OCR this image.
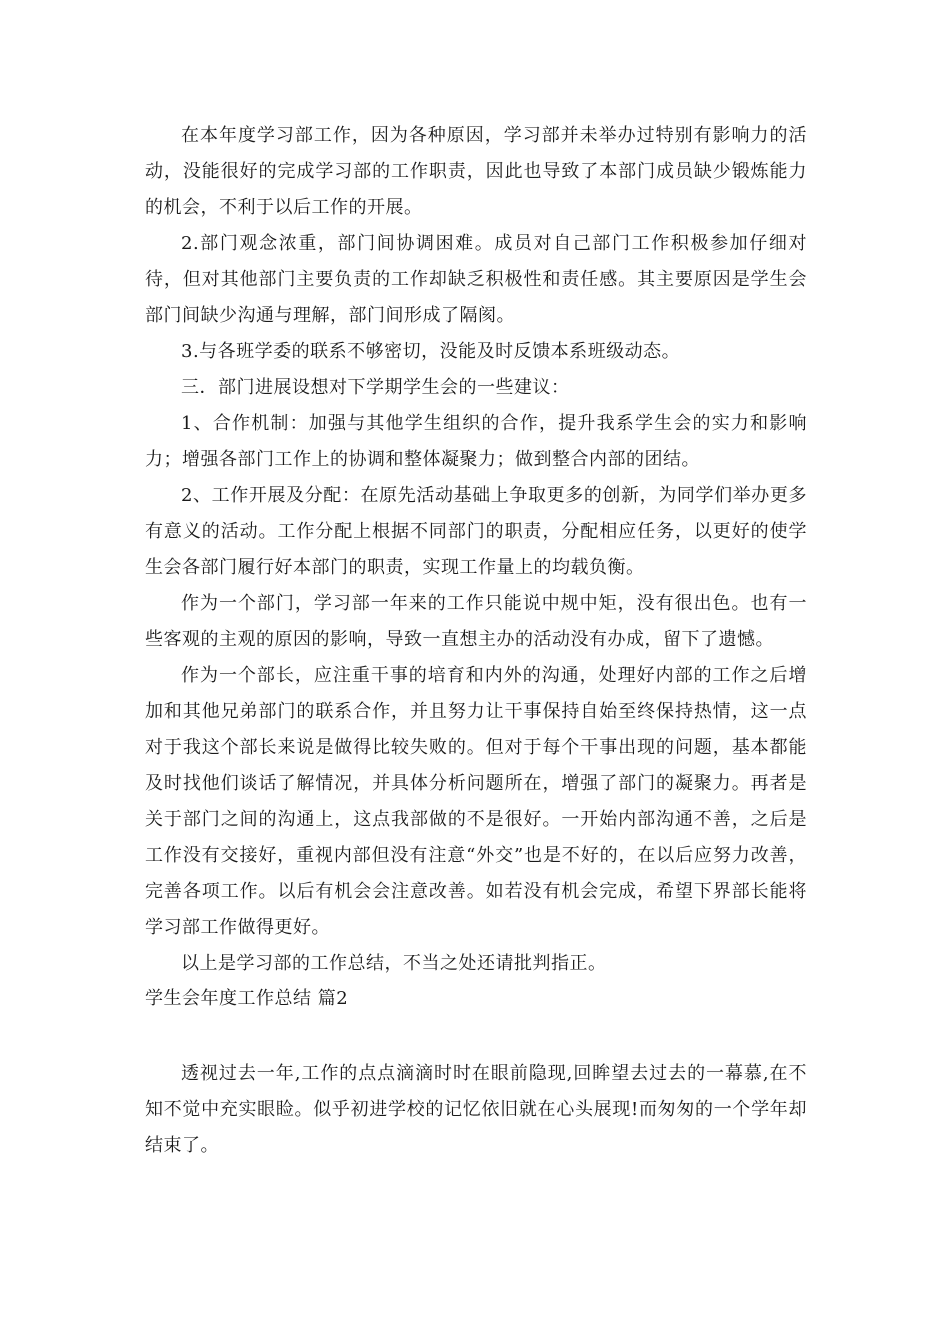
在本年度学习部工作，因为各种原因，学习部并未举办过特别有影响力的活动，没能很好的完成学习部的工作职责，因此也导致了本部门成员缺少锻炼能力的机会，不利于以后工作的开展。

2.部门观念浓重，部门间协调困难。成员对自己部门工作积极参加仔细对待，但对其他部门主要负责的工作却缺乏积极性和责任感。其主要原因是学生会部门间缺少沟通与理解，部门间形成了隔阂。

3.与各班学委的联系不够密切，没能及时反馈本系班级动态。

三．部门进展设想对下学期学生会的一些建议：

1、合作机制：加强与其他学生组织的合作，提升我系学生会的实力和影响力；增强各部门工作上的协调和整体凝聚力；做到整合内部的团结。

2、工作开展及分配：在原先活动基础上争取更多的创新，为同学们举办更多有意义的活动。工作分配上根据不同部门的职责，分配相应任务，以更好的使学生会各部门履行好本部门的职责，实现工作量上的均载负衡。

作为一个部门，学习部一年来的工作只能说中规中矩，没有很出色。也有一些客观的主观的原因的影响，导致一直想主办的活动没有办成，留下了遗憾。

作为一个部长，应注重干事的培育和内外的沟通，处理好内部的工作之后增加和其他兄弟部门的联系合作，并且努力让干事保持自始至终保持热情，这一点对于我这个部长来说是做得比较失败的。但对于每个干事出现的问题，基本都能及时找他们谈话了解情况，并具体分析问题所在，增强了部门的凝聚力。再者是关于部门之间的沟通上，这点我部做的不是很好。一开始内部沟通不善，之后是工作没有交接好，重视内部但没有注意“外交”也是不好的，在以后应努力改善，完善各项工作。以后有机会会注意改善。如若没有机会完成，希望下界部长能将学习部工作做得更好。

以上是学习部的工作总结，不当之处还请批判指正。

学生会年度工作总结 篇2

透视过去一年,工作的点点滴滴时时在眼前隐现,回眸望去过去的一幕慕,在不知不觉中充实眼睑。似乎初进学校的记忆依旧就在心头展现!而匆匆的一个学年却结束了。
